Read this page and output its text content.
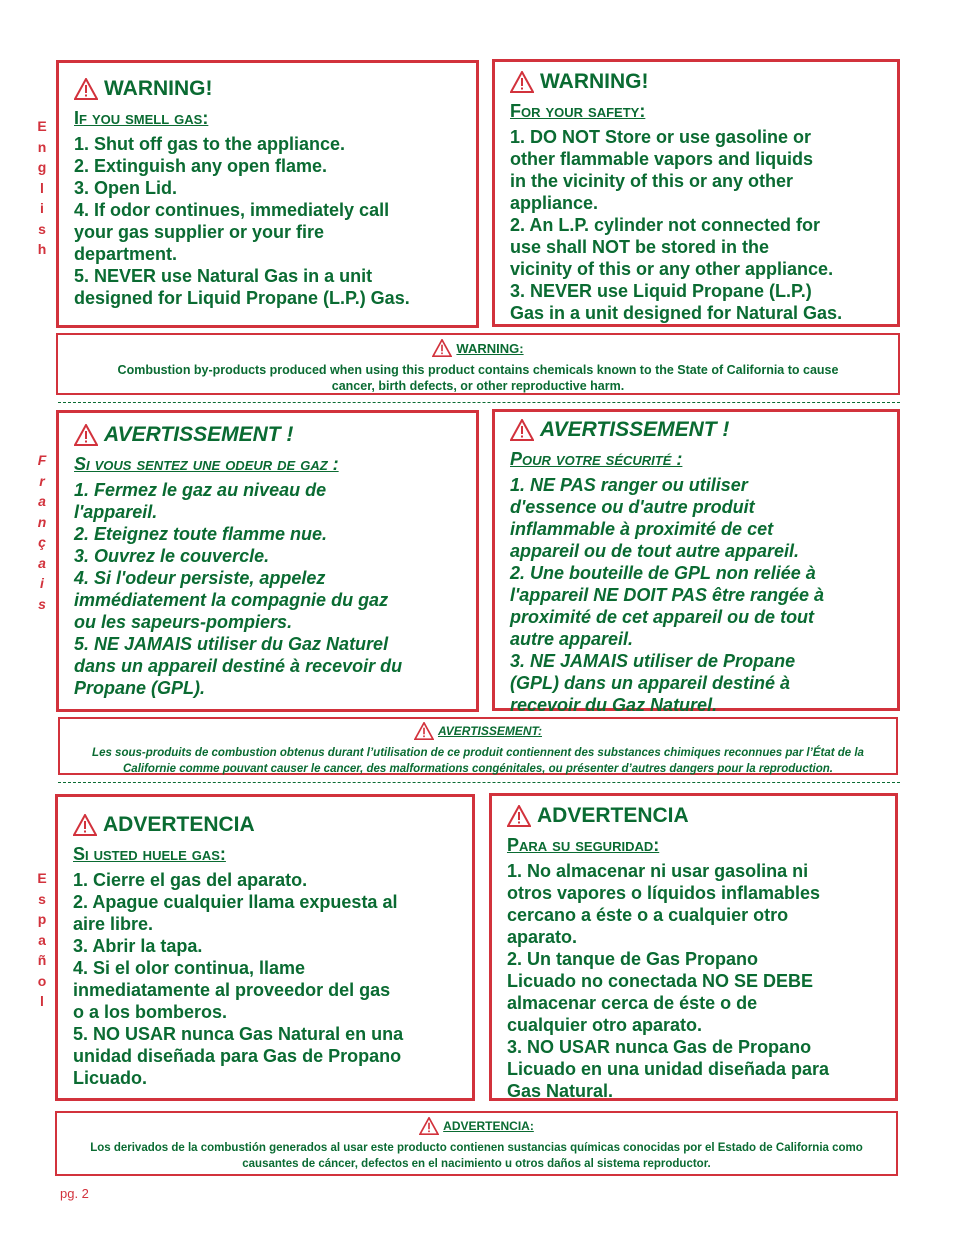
E
n
g
l
i
s
h
WARNING!
If you smell gas:
1. Shut off gas to the appliance.
2. Extinguish any open flame.
3. Open Lid.
4. If odor continues, immediately call
your gas supplier or your fire
department.
5. NEVER use Natural Gas in a unit
designed for Liquid Propane (L.P.) Gas.
WARNING!
For your safety:
1. DO NOT Store or use gasoline or
other flammable vapors and liquids
in the vicinity of this or any other
appliance.
2. An L.P. cylinder not connected for
use shall NOT be stored in the
vicinity of this or any other appliance.
3. NEVER use Liquid Propane (L.P.)
Gas in a unit designed for Natural Gas.
WARNING:
Combustion by-products produced when using this product contains chemicals known to the State of California to cause
cancer, birth defects, or other reproductive harm.
F
r
a
n
ç
a
i
s
AVERTISSEMENT !
Si vous sentez une odeur de gaz :
1. Fermez le gaz au niveau de
l'appareil.
2. Eteignez toute flamme nue.
3. Ouvrez le couvercle.
4. Si l'odeur persiste, appelez
immédiatement la compagnie du gaz
ou les sapeurs-pompiers.
5. NE JAMAIS utiliser du Gaz Naturel
dans un appareil destiné à recevoir du
Propane (GPL).
AVERTISSEMENT !
Pour votre sécurité :
1. NE PAS ranger ou utiliser
d'essence ou d'autre produit
inflammable à proximité de cet
appareil ou de tout autre appareil.
2. Une bouteille de GPL non reliée à
l'appareil NE DOIT PAS être rangée à
proximité de cet appareil ou de tout
autre appareil.
3. NE JAMAIS utiliser de Propane
(GPL) dans un appareil destiné à
recevoir du Gaz Naturel.
AVERTISSEMENT:
Les sous-produits de combustion obtenus durant l’utilisation de ce produit contiennent des substances chimiques reconnues par l’État de la
Californie comme pouvant causer le cancer, des malformations congénitales, ou présenter d’autres dangers pour la reproduction.
E
s
p
a
ñ
o
l
ADVERTENCIA
Si usted huele gas:
1. Cierre el gas del aparato.
2. Apague cualquier llama expuesta al
aire libre.
3. Abrir la tapa.
4. Si el olor continua, llame
inmediatamente al proveedor del gas
o a los bomberos.
5. NO USAR nunca Gas Natural en una
unidad diseñada para Gas de Propano
Licuado.
ADVERTENCIA
Para su seguridad:
1. No almacenar ni usar gasolina ni
otros vapores o líquidos inflamables
cercano a éste o a cualquier otro
aparato.
2. Un tanque de Gas Propano
Licuado no conectada NO SE DEBE
almacenar cerca de éste o de
cualquier otro aparato.
3. NO USAR nunca Gas de Propano
Licuado en una unidad diseñada para
Gas Natural.
ADVERTENCIA:
Los derivados de la combustión generados al usar este producto contienen sustancias químicas conocidas por el Estado de California como
causantes de cáncer, defectos en el nacimiento u otros daños al sistema reproductor.
pg. 2
